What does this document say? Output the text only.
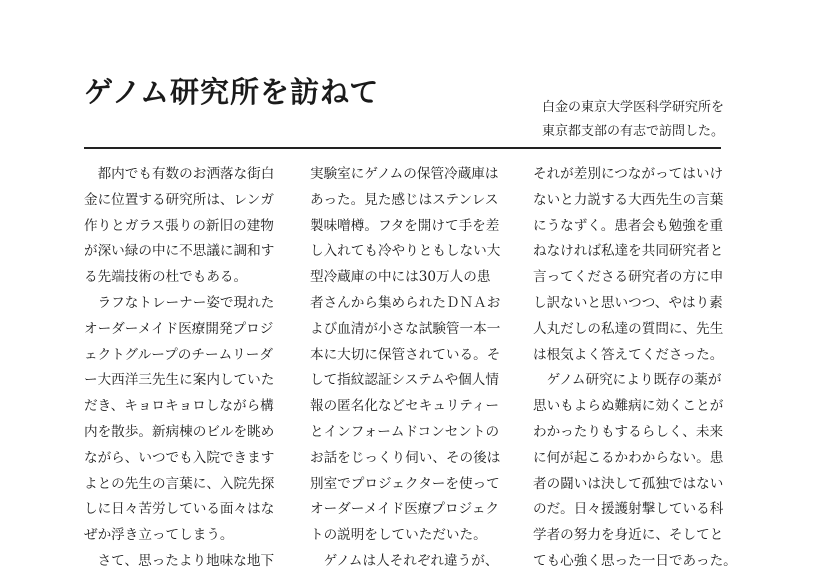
ゲノム研究所を訪ねて	白金の東京大学医科学研究所を
東京都支部の有志で訪問した。
　都内でも有数のお洒落な街白
金に位置する研究所は、レンガ
作りとガラス張りの新旧の建物
が深い緑の中に不思議に調和す
る先端技術の杜でもある。
　ラフなトレーナー姿で現れた
オーダーメイド医療開発プロジ
ェクトグループのチームリーダ
ー大西洋三先生に案内していた
だき、キョロキョロしながら構
内を散歩。新病棟のビルを眺め
ながら、いつでも入院できます
よとの先生の言葉に、入院先探
しに日々苦労している面々はな
ぜか浮き立ってしまう。
　さて、思ったより地味な地下
実験室にゲノムの保管冷蔵庫は
あった。見た感じはステンレス
製味噌樽。フタを開けて手を差
し入れても冷やりともしない大
型冷蔵庫の中には30万人の患
者さんから集められたＤＮＡお
よび血清が小さな試験管一本一
本に大切に保管されている。そ
して指紋認証システムや個人情
報の匿名化などセキュリティー
とインフォームドコンセントの
お話をじっくり伺い、その後は
別室でプロジェクターを使って
オーダーメイド医療プロジェク
トの説明をしていただいた。
　ゲノムは人それぞれ違うが、
それが差別につながってはいけ
ないと力説する大西先生の言葉
にうなずく。患者会も勉強を重
ねなければ私達を共同研究者と
言ってくださる研究者の方に申
し訳ないと思いつつ、やはり素
人丸だしの私達の質問に、先生
は根気よく答えてくださった。
　ゲノム研究により既存の薬が
思いもよらぬ難病に効くことが
わかったりもするらしく、未来
に何が起こるかわからない。患
者の闘いは決して孤独ではない
のだ。日々援護射撃している科
学者の努力を身近に、そしてと
ても心強く思った一日であった。
